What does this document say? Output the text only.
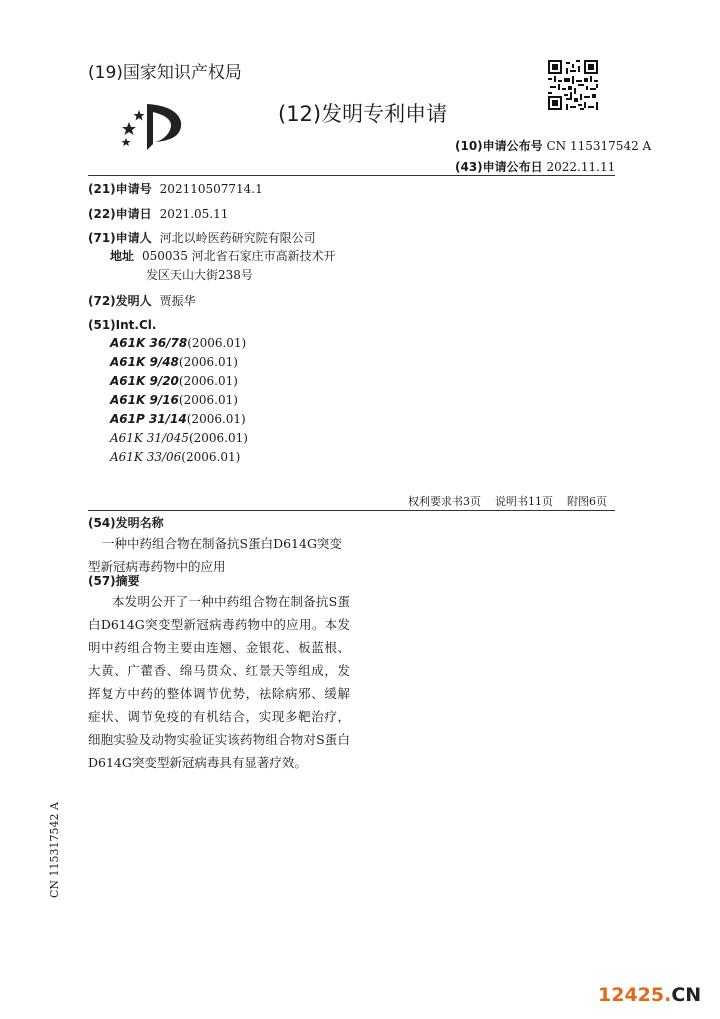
(19)国家知识产权局
(12)发明专利申请
(10)申请公布号 CN 115317542 A
(43)申请公布日 2022.11.11
(21)申请号 202110507714.1
(22)申请日 2021.05.11
(71)申请人 河北以岭医药研究院有限公司
地址 050035 河北省石家庄市高新技术开
发区天山大街238号
(72)发明人 贾振华
(51)Int.Cl.
A61K 36/78(2006.01)
A61K 9/48(2006.01)
A61K 9/20(2006.01)
A61K 9/16(2006.01)
A61P 31/14(2006.01)
A61K 31/045(2006.01)
A61K 33/06(2006.01)
权利要求书3页 说明书11页 附图6页
(54)发明名称
一种中药组合物在制备抗S蛋白D614G突变型新冠病毒药物中的应用
(57)摘要
本发明公开了一种中药组合物在制备抗S蛋白D614G突变型新冠病毒药物中的应用。本发明中药组合物主要由连翘、金银花、板蓝根、大黄、广藿香、绵马贯众、红景天等组成，发挥复方中药的整体调节优势，祛除病邪、缓解症状、调节免疫的有机结合，实现多靶治疗，细胞实验及动物实验证实该药物组合物对S蛋白D614G突变型新冠病毒具有显著疗效。
CN 115317542 A
12425.CN
